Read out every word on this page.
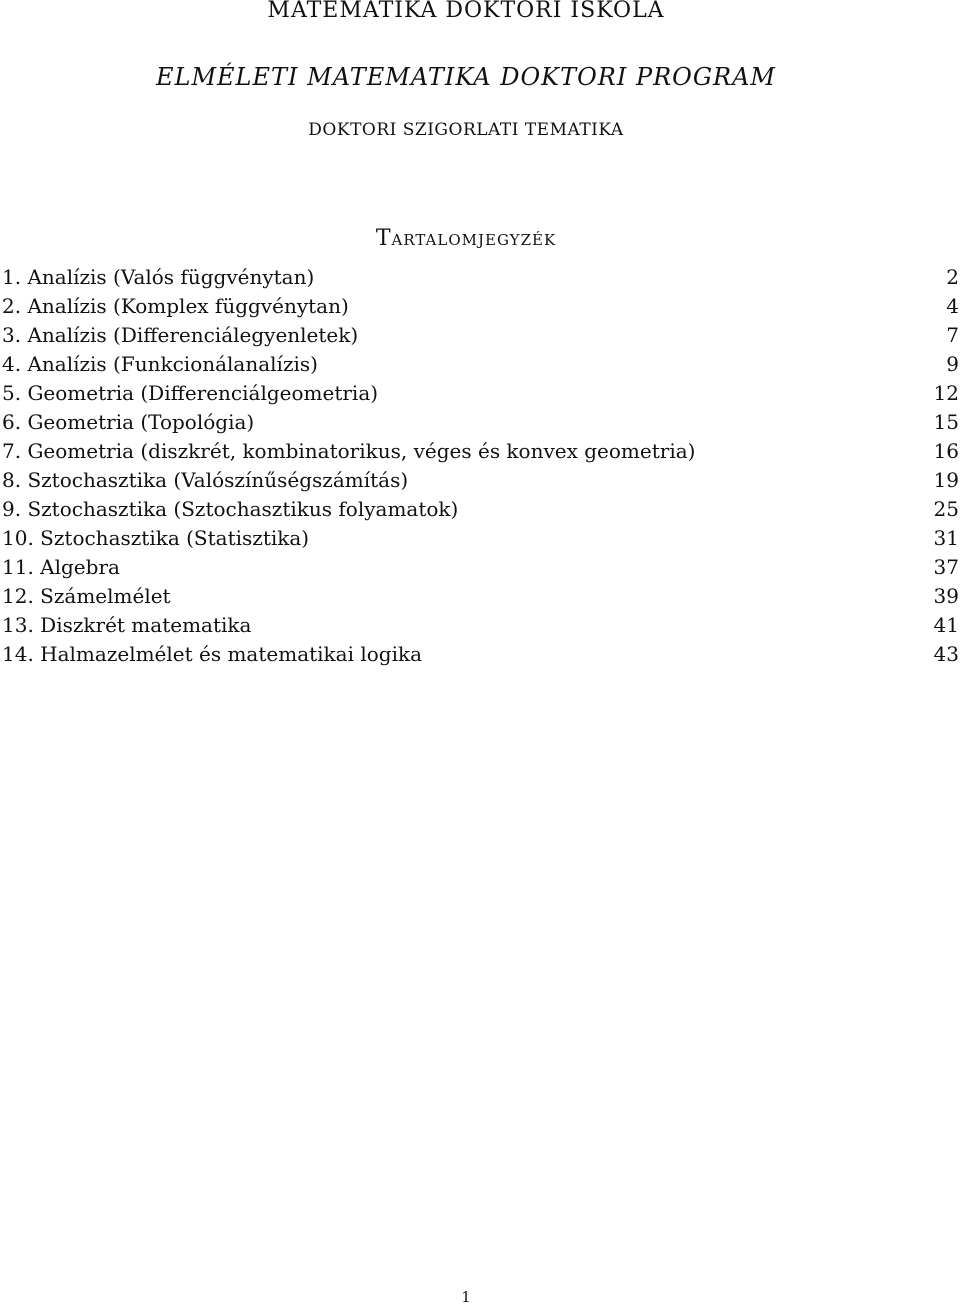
MATEMATIKA DOKTORI ISKOLA
ELMÉLETI MATEMATIKA DOKTORI PROGRAM
DOKTORI SZIGORLATI TEMATIKA
Tartalomjegyzék
1. Analízis (Valós függvénytan)	2
2. Analízis (Komplex függvénytan)	4
3. Analízis (Differenciálegyenletek)	7
4. Analízis (Funkcionálanalízis)	9
5. Geometria (Differenciálgeometria)	12
6. Geometria (Topológia)	15
7. Geometria (diszkrét, kombinatorikus, véges és konvex geometria)	16
8. Sztochasztika (Valószínűségszámítás)	19
9. Sztochasztika (Sztochasztikus folyamatok)	25
10. Sztochasztika (Statisztika)	31
11. Algebra	37
12. Számelmélet	39
13. Diszkrét matematika	41
14. Halmazelmélet és matematikai logika	43
1
